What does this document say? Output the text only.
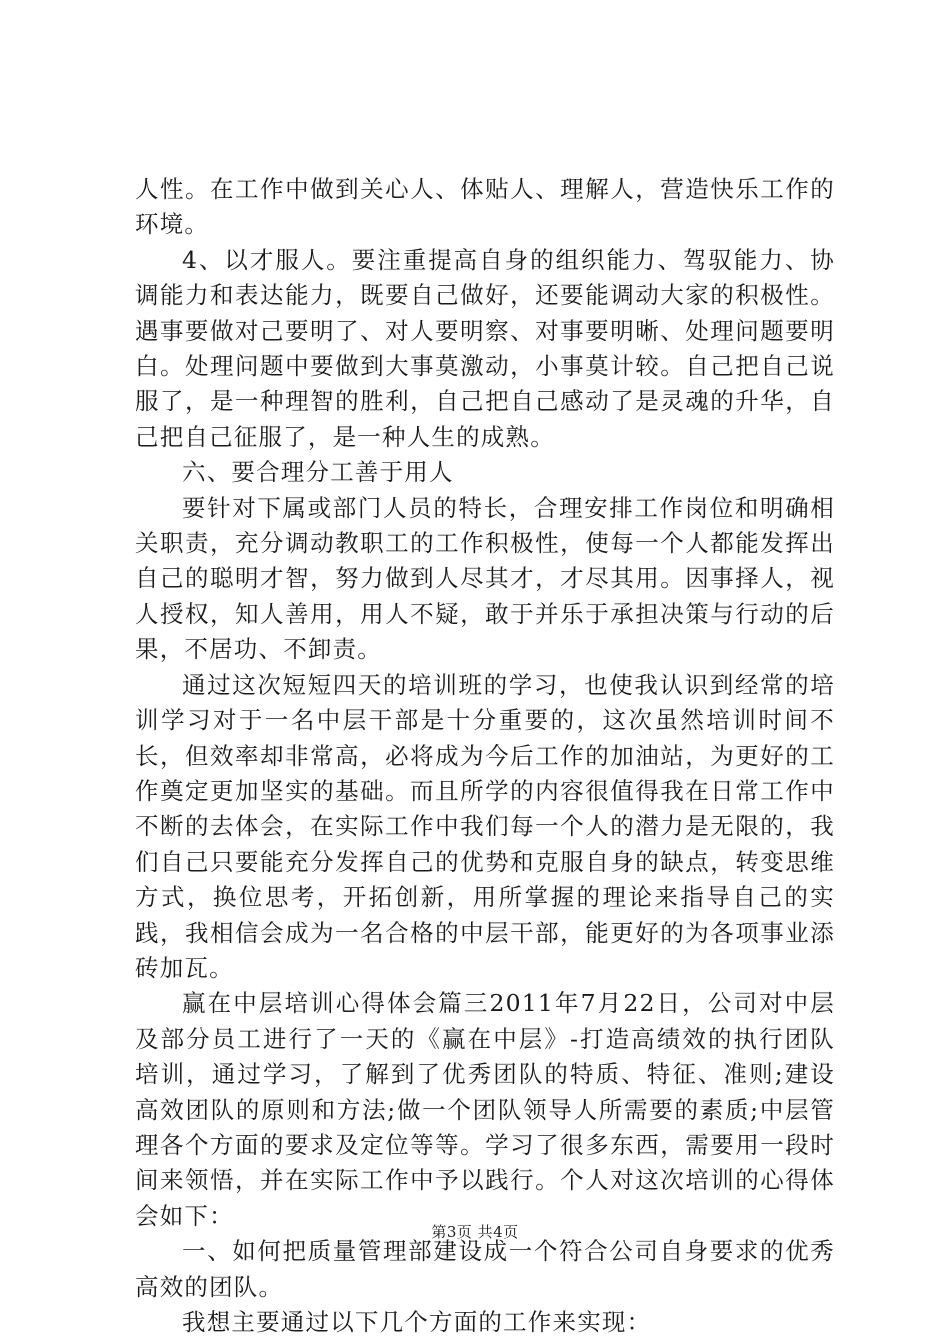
人性。在工作中做到关心人、体贴人、理解人，营造快乐工作的环境。

4、以才服人。要注重提高自身的组织能力、驾驭能力、协调能力和表达能力，既要自己做好，还要能调动大家的积极性。遇事要做对己要明了、对人要明察、对事要明晰、处理问题要明白。处理问题中要做到大事莫激动，小事莫计较。自己把自己说服了，是一种理智的胜利，自己把自己感动了是灵魂的升华，自己把自己征服了，是一种人生的成熟。

六、要合理分工善于用人

要针对下属或部门人员的特长，合理安排工作岗位和明确相关职责，充分调动教职工的工作积极性，使每一个人都能发挥出自己的聪明才智，努力做到人尽其才，才尽其用。因事择人，视人授权，知人善用，用人不疑，敢于并乐于承担决策与行动的后果，不居功、不卸责。

通过这次短短四天的培训班的学习，也使我认识到经常的培训学习对于一名中层干部是十分重要的，这次虽然培训时间不长，但效率却非常高，必将成为今后工作的加油站，为更好的工作奠定更加坚实的基础。而且所学的内容很值得我在日常工作中不断的去体会，在实际工作中我们每一个人的潜力是无限的，我们自己只要能充分发挥自己的优势和克服自身的缺点，转变思维方式，换位思考，开拓创新，用所掌握的理论来指导自己的实践，我相信会成为一名合格的中层干部，能更好的为各项事业添砖加瓦。

赢在中层培训心得体会篇三2011年7月22日，公司对中层及部分员工进行了一天的《赢在中层》-打造高绩效的执行团队培训，通过学习，了解到了优秀团队的特质、特征、准则;建设高效团队的原则和方法;做一个团队领导人所需要的素质;中层管理各个方面的要求及定位等等。学习了很多东西，需要用一段时间来领悟，并在实际工作中予以践行。个人对这次培训的心得体会如下：

一、如何把质量管理部建设成一个符合公司自身要求的优秀高效的团队。

我想主要通过以下几个方面的工作来实现：

第3页 共4页
